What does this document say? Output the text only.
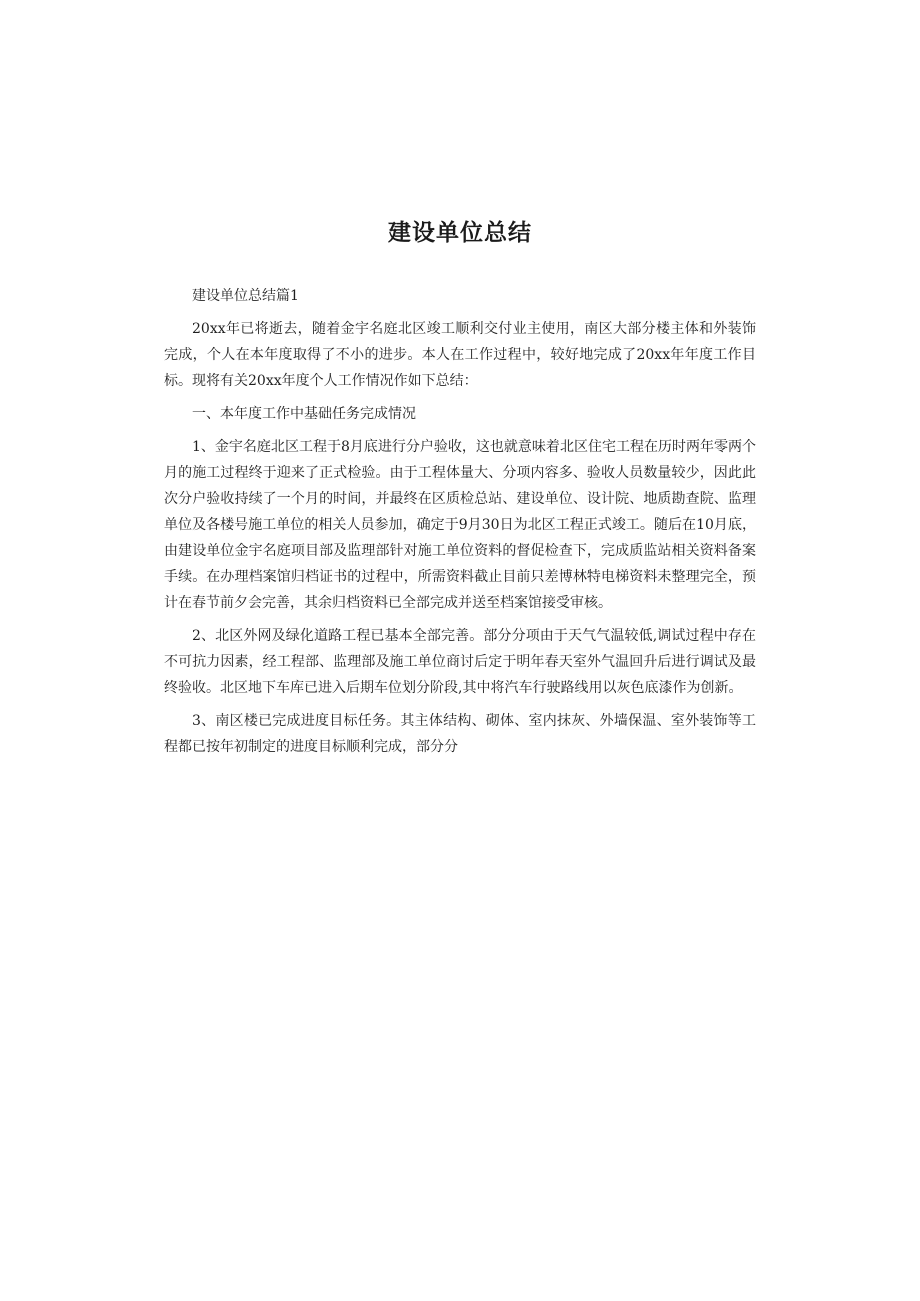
建设单位总结

建设单位总结篇1

20xx年已将逝去，随着金宇名庭北区竣工顺利交付业主使用，南区大部分楼主体和外装饰完成，个人在本年度取得了不小的进步。本人在工作过程中，较好地完成了20xx年年度工作目标。现将有关20xx年度个人工作情况作如下总结：

一、本年度工作中基础任务完成情况

1、金宇名庭北区工程于8月底进行分户验收，这也就意味着北区住宅工程在历时两年零两个月的施工过程终于迎来了正式检验。由于工程体量大、分项内容多、验收人员数量较少，因此此次分户验收持续了一个月的时间，并最终在区质检总站、建设单位、设计院、地质勘查院、监理单位及各楼号施工单位的相关人员参加，确定于9月30日为北区工程正式竣工。随后在10月底，由建设单位金宇名庭项目部及监理部针对施工单位资料的督促检查下，完成质监站相关资料备案手续。在办理档案馆归档证书的过程中，所需资料截止目前只差博林特电梯资料未整理完全，预计在春节前夕会完善，其余归档资料已全部完成并送至档案馆接受审核。

2、北区外网及绿化道路工程已基本全部完善。部分分项由于天气气温较低,调试过程中存在不可抗力因素，经工程部、监理部及施工单位商讨后定于明年春天室外气温回升后进行调试及最终验收。北区地下车库已进入后期车位划分阶段,其中将汽车行驶路线用以灰色底漆作为创新。

3、南区楼已完成进度目标任务。其主体结构、砌体、室内抹灰、外墙保温、室外装饰等工程都已按年初制定的进度目标顺利完成，部分分
